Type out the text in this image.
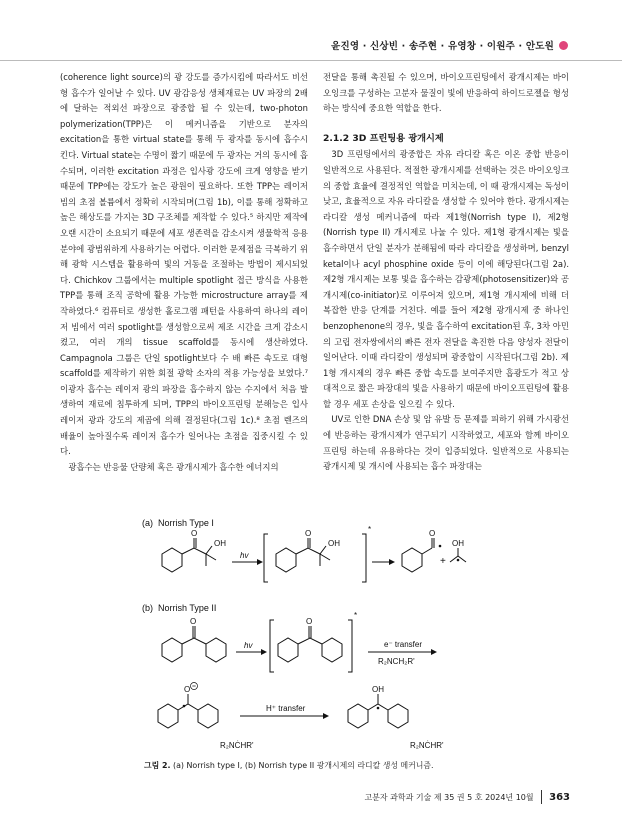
윤진영 · 신상빈 · 송주현 · 유영창 · 이원주 · 안도원

(coherence light source)의 광 강도를 증가시킴에 따라서도 비선형 흡수가 일어날 수 있다. UV 광감응성 생체재료는 UV 파장의 2배에 달하는 적외선 파장으로 광중합 될 수 있는데, two-photon polymerization(TPP)은 이 메커니즘을 기반으로 분자의 excitation을 통한 virtual state를 통해 두 광자를 동시에 흡수시킨다. Virtual state는 수명이 짧기 때문에 두 광자는 거의 동시에 흡수되며, 이러한 excitation 과정은 입사광 강도에 크게 영향을 받기 때문에 TPP에는 강도가 높은 광원이 필요하다. 또한 TPP는 레이저 빔의 초점 볼륨에서 정확히 시작되며(그림 1b), 이를 통해 정확하고 높은 해상도를 가지는 3D 구조체를 제작할 수 있다.⁵ 하지만 제작에 오랜 시간이 소요되기 때문에 세포 생존력을 감소시켜 생물학적 응용 분야에 광범위하게 사용하기는 어렵다. 이러한 문제점을 극복하기 위해 광학 시스템을 활용하여 빛의 거동을 조절하는 방법이 제시되었다. Chichkov 그룹에서는 multiple spotlight 접근 방식을 사용한 TPP를 통해 조직 공학에 활용 가능한 microstructure array를 제작하였다.⁶ 컴퓨터로 생성한 홀로그램 패턴을 사용하여 하나의 레이저 빔에서 여러 spotlight를 생성함으로써 제조 시간을 크게 감소시켰고, 여러 개의 tissue scaffold를 동시에 생산하였다. Campagnola 그룹은 단일 spotlight보다 수 배 빠른 속도로 대형 scaffold를 제작하기 위한 회절 광학 소자의 적용 가능성을 보였다.⁷ 이광자 흡수는 레이저 광의 파장을 흡수하지 않는 수지에서 처음 발생하여 재료에 침투하게 되며, TPP의 바이오프린팅 분해능은 입사 레이저 광과 강도의 제곱에 의해 결정된다(그림 1c).⁸ 초점 렌즈의 배율이 높아질수록 레이저 흡수가 일어나는 초점을 집중시킬 수 있다.

광흡수는 반응물 단량체 혹은 광개시제가 흡수한 에너지의

전달을 통해 촉진될 수 있으며, 바이오프린팅에서 광개시제는 바이오잉크를 구성하는 고분자 물질이 빛에 반응하여 하이드로젤을 형성하는 방식에 중요한 역할을 한다.

2.1.2 3D 프린팅용 광개시제

3D 프린팅에서의 광중합은 자유 라디칼 혹은 이온 중합 반응이 일반적으로 사용된다. 적절한 광개시제를 선택하는 것은 바이오잉크의 중합 효율에 결정적인 역할을 미치는데, 이 때 광개시제는 독성이 낮고, 효율적으로 자유 라디칼을 생성할 수 있어야 한다. 광개시제는 라디칼 생성 메커니즘에 따라 제1형(Norrish type I), 제2형(Norrish type II) 개시제로 나눌 수 있다. 제1형 광개시제는 빛을 흡수하면서 단일 분자가 분해됨에 따라 라디칼을 생성하며, benzyl ketal이나 acyl phosphine oxide 등이 이에 해당된다(그림 2a). 제2형 개시제는 보통 빛을 흡수하는 감광제(photosensitizer)와 공개시제(co-initiator)로 이루어져 있으며, 제1형 개시제에 비해 더 복잡한 반응 단계를 거친다. 예를 들어 제2형 광개시제 중 하나인 benzophenone의 경우, 빛을 흡수하여 excitation된 후, 3차 아민의 고립 전자쌍에서의 빠른 전자 전달을 촉진한 다음 양성자 전달이 일어난다. 이때 라디칼이 생성되며 광중합이 시작된다(그림 2b). 제1형 개시제의 경우 빠른 중합 속도를 보여주지만 흡광도가 적고 상대적으로 짧은 파장대의 빛을 사용하기 때문에 바이오프린팅에 활용할 경우 세포 손상을 일으킬 수 있다.

UV로 인한 DNA 손상 및 암 유발 등 문제를 피하기 위해 가시광선에 반응하는 광개시제가 연구되기 시작하였고, 세포와 함께 바이오프린팅 하는데 유용하다는 것이 입증되었다. 일반적으로 사용되는 광개시제 및 개시에 사용되는 흡수 파장대는

(a) Norrish Type I
O
OH
hv
O
OH
*	O
+
OH
(b) Norrish Type II
O
hv
O
*
e⁻ transfer
R₂NCH₂R'
O
H⁺ transfer
OH
R₂NĊHR'	R₂NĊHR'
그림 2. (a) Norrish type I, (b) Norrish type II 광개시제의 라디칼 생성 메커니즘.
고분자 과학과 기술 제 35 권 5 호 2024년 10월 363
